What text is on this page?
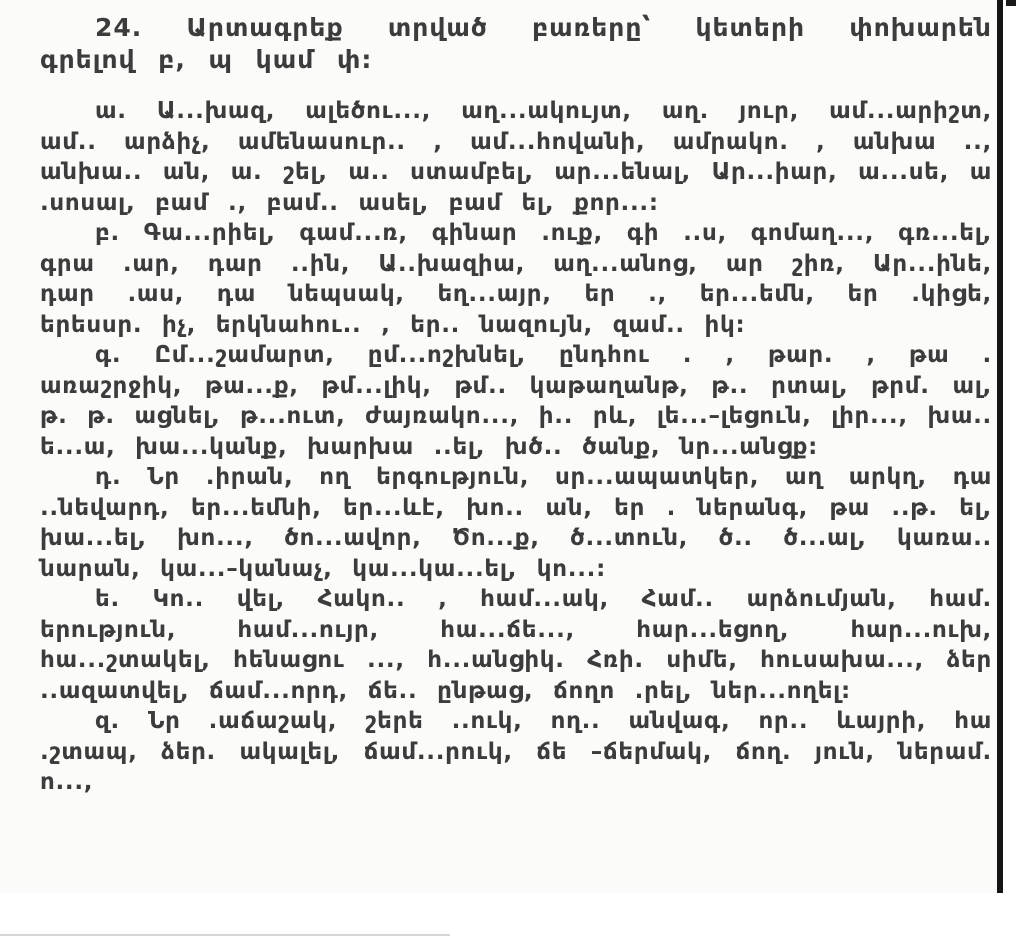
24. Արտագրեք տրված բառերը՝ կետերի փոխարեն գրելով բ, պ կամ փ:

ա. Ա...խազ, ալեծու..., աղ...ակույտ, աղ. յուր, ամ...արիշտ, ամ.. արձիչ, ամենասուր.. , ամ...հովանի, ամրակո. , անխա .., անխա.. ան, ա. շել, ա.. ստամբել, ար...ենալ, Ար...իար, ա...սե, ա .սոսալ, բամ ., բամ.. ասել, բամ ել, քոր...:

բ. Գա...րիել, գամ...ռ, գինար .ուք, գի ..ս, գոմաղ..., գռ...ել, գրա .ար, դար ..ին, Ա..խազիա, աղ...անոց, ար շիռ, Ար...ինե, դար .աս, դա նեպսակ, եղ...այր, եր ., եր...եմն, եր .կիցե, երեսսր. իչ, երկնահու.. , եր.. նազույն, զամ.. իկ:

գ. Ըմ...շամարտ, ըմ...ոշխնել, ընդհու . , թար. , թա . առաշրջիկ, թա...ք, թմ...լիկ, թմ.. կաթաղանթ, թ.. րտալ, թրմ. ալ, թ. թ. ացնել, թ...ուտ, ժայռակո..., ի.. րև, լե...–լեցուն, լիր..., խա.. ե...ա, խա...կանք, խարխա ..ել, խծ.. ծանք, նր...անցք:

դ. Նր .իրան, ող երգություն, սր...ապատկեր, աղ արկղ, դա ..նեվարդ, եր...եմնի, եր...ևէ, խո.. ան, եր . ներանգ, թա ..թ. ել, խա...ել, խո..., ծո...ավոր, Ծո...ք, ծ...տուն, ծ.. ծ...ալ, կառա.. նարան, կա...–կանաչ, կա...կա...ել, կո...:

ե. Կո.. վել, Հակո.. , համ...ակ, Համ.. արձումյան, համ. երություն, համ...ույր, հա...ճե..., հար...եցող, հար...ուխ, հա...շտակել, հենացու ..., հ...անցիկ. Հռի. սիմե, հուսախա..., ձեր ..ազատվել, ճամ...որդ, ճե.. ընթաց, ճողո .րել, ներ...ողել:

զ. Նր .աճաշակ, շերե ..ուկ, ող.. անվագ, որ.. ևայրի, հա .շտապ, ձեր. ակալել, ճամ...րուկ, ճե –ճերմակ, ճող. յուն, ներամ. ո...,
